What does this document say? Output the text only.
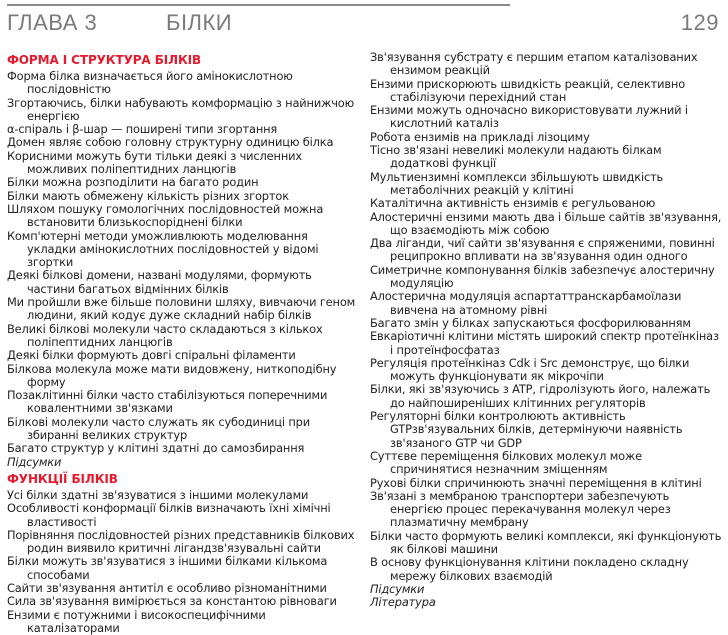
ГЛАВА 3	БІЛКИ	129
ФОРМА І СТРУКТУРА БІЛКІВ
Форма білка визначається його амінокислотною послідовністю
Згортаючись, білки набувають комформацію з найнижчою енергією
α-спіраль і β-шар — поширені типи згортання
Домен являє собою головну структурну одиницю білка
Корисними можуть бути тільки деякі з численних можливих поліпептидних ланцюгів
Білки можна розподілити на багато родин
Білки мають обмежену кількість різних згорток
Шляхом пошуку гомологічних послідовностей можна встановити близькоспоріднені білки
Комп'ютерні методи уможливлюють моделювання укладки амінокислотних послідовностей у відомі згортки
Деякі білкові домени, названі модулями, формують частини багатьох відмінних білків
Ми пройшли вже більше половини шляху, вивчаючи геном людини, який кодує дуже складний набір білків
Великі білкові молекули часто складаються з кількох поліпептидних ланцюгів
Деякі білки формують довгі спіральні філаменти
Білкова молекула може мати видовжену, ниткоподібну форму
Позаклітинні білки часто стабілізуються поперечними ковалентними зв'язками
Білкові молекули часто служать як субодиниці при збиранні великих структур
Багато структур у клітині здатні до самозбирання
Підсумки
ФУНКЦІЇ БІЛКІВ
Усі білки здатні зв'язуватися з іншими молекулами
Особливості конформації білків визначають їхні хімічні властивості
Порівняння послідовностей різних представників білкових родин виявило критичні лігандзв'язувальні сайти
Білки можуть зв'язуватися з іншими білками кількома способами
Сайти зв'язування антитіл є особливо різноманітними
Сила зв'язування вимірюється за константою рівноваги
Ензими є потужними і високоспецифічними каталізаторами
Зв'язування субстрату є першим етапом каталізованих ензимом реакцій
Ензими прискорюють швидкість реакцій, селективно стабілізуючи перехідний стан
Ензими можуть одночасно використовувати лужний і кислотний каталіз
Робота ензимів на прикладі лізоциму
Тісно зв'язані невеликі молекули надають білкам додаткові функції
Мультиензимні комплекси збільшують швидкість метаболічних реакцій у клітині
Каталітична активність ензимів є регульованою
Алостеричні ензими мають два і більше сайтів зв'язування, що взаємодіють між собою
Два ліганди, чиї сайти зв'язування є спряженими, повинні реципрокно впливати на зв'язування один одного
Симетричне компонування білків забезпечує алостеричну модуляцію
Алостерична модуляція аспартаттранскарбамоїлази вивчена на атомному рівні
Багато змін у білках запускаються фосфорилюванням
Евкаріотичні клітини містять широкий спектр протеїнкіназ і протеїнфосфатаз
Регуляція протеїнкіназ Cdk і Src демонструє, що білки можуть функціонувати як мікрочіпи
Білки, які зв'язуючись з ATP, гідролізують його, належать до найпоширеніших клітинних регуляторів
Регуляторні білки контролюють активність GTPзв'язувальних білків, детермінуючи наявність зв'язаного GTP чи GDP
Суттєве переміщення білкових молекул може спричинятися незначним зміщенням
Рухові білки спричинюють значні переміщення в клітині
Зв'язані з мембраною транспортери забезпечують енергією процес перекачування молекул через плазматичну мембрану
Білки часто формують великі комплекси, які функціонують як білкові машини
В основу функціонування клітини покладено складну мережу білкових взаємодій
Підсумки
Література
